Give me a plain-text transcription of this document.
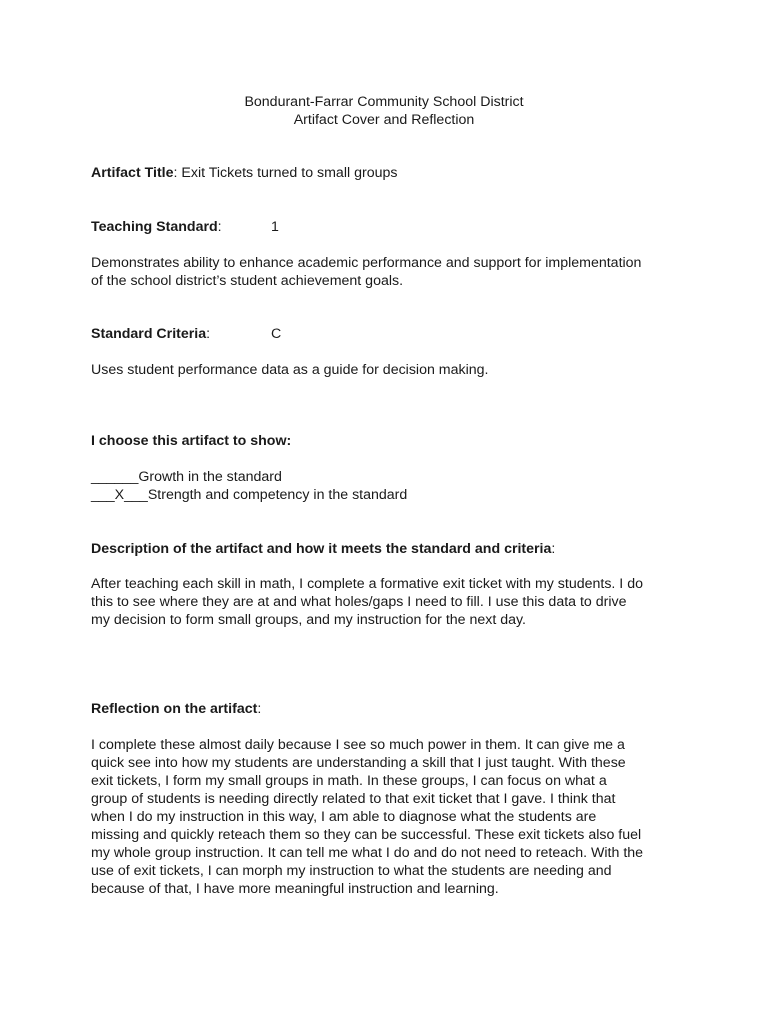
Bondurant-Farrar Community School District
Artifact Cover and Reflection
Artifact Title: Exit Tickets turned to small groups
Teaching Standard:	1
Demonstrates ability to enhance academic performance and support for implementation
of the school district’s student achievement goals.
Standard Criteria:	C
Uses student performance data as a guide for decision making.
I choose this artifact to show:
______Growth in the standard
___X___Strength and competency in the standard
Description of the artifact and how it meets the standard and criteria:
After teaching each skill in math, I complete a formative exit ticket with my students. I do
this to see where they are at and what holes/gaps I need to fill. I use this data to drive
my decision to form small groups, and my instruction for the next day.
Reflection on the artifact:
I complete these almost daily because I see so much power in them. It can give me a
quick see into how my students are understanding a skill that I just taught. With these
exit tickets, I form my small groups in math. In these groups, I can focus on what a
group of students is needing directly related to that exit ticket that I gave. I think that
when I do my instruction in this way, I am able to diagnose what the students are
missing and quickly reteach them so they can be successful. These exit tickets also fuel
my whole group instruction. It can tell me what I do and do not need to reteach. With the
use of exit tickets, I can morph my instruction to what the students are needing and
because of that, I have more meaningful instruction and learning.
